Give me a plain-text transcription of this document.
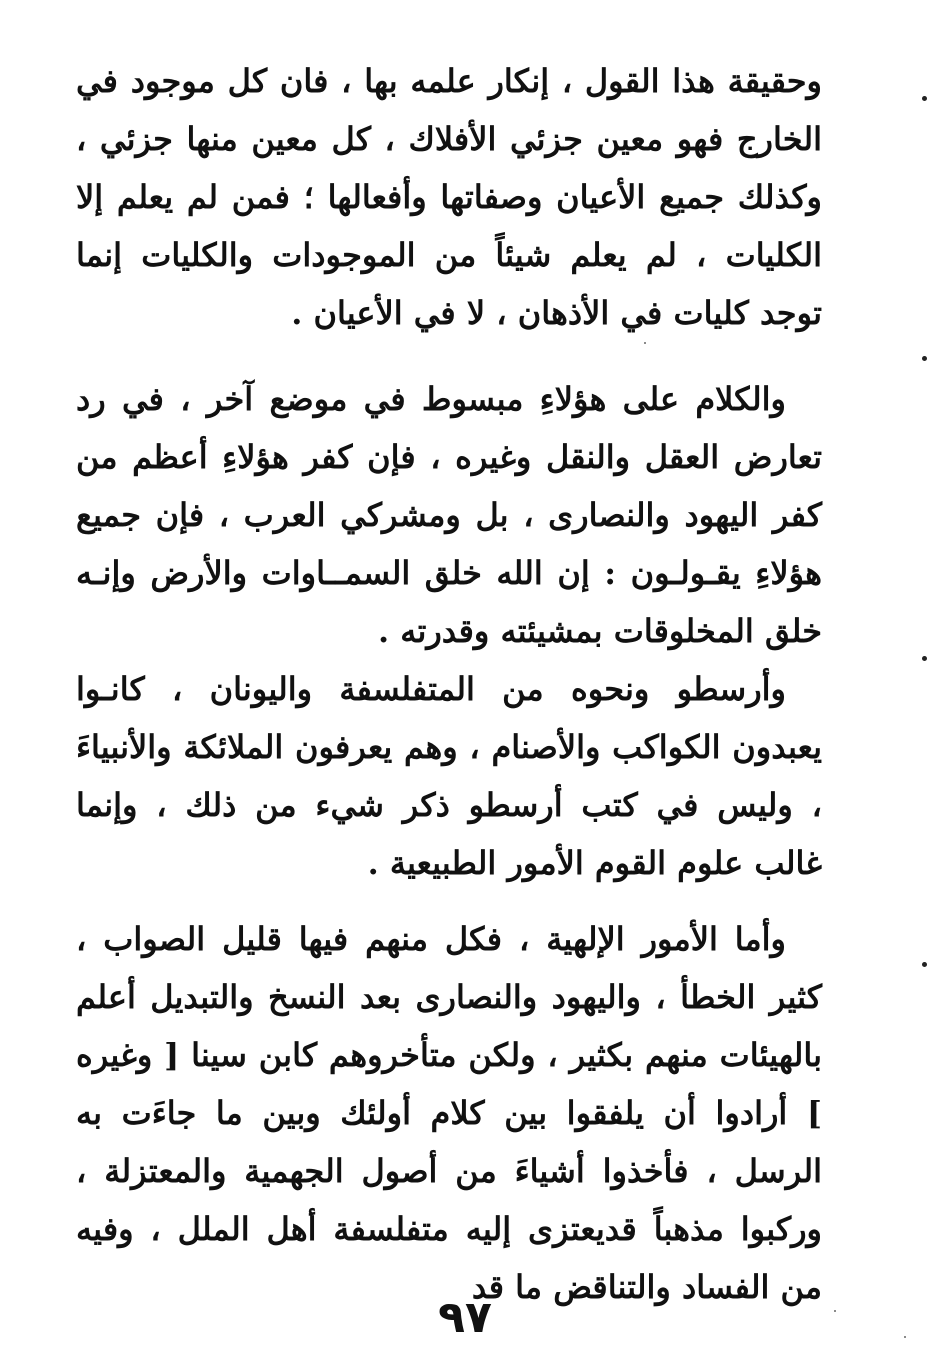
وحقيقة هذا القول ، إنكار علمه بها ، فان كل موجود في الخارج فهو معين جزئي الأفلاك ، كل معين منها جزئي ، وكذلك جميع الأعيان وصفاتها وأفعالها ؛ فمن لم يعلم إلا الكليات ، لم يعلم شيئاً من الموجودات والكليات إنما توجد كليات في الأذهان ، لا في الأعيان .

والكلام على هؤلاءِ مبسوط في موضع آخر ، في رد تعارض العقل والنقل وغيره ، فإن كفر هؤلاءِ أعظم من كفر اليهود والنصارى ، بل ومشركي العرب ، فإن جميع هؤلاءِ يقـولـون : إن الله خلق السمــاوات والأرض وإنـه خلق المخلوقات بمشيئته وقدرته .

وأرسطو ونحوه من المتفلسفة واليونان ، كانـوا يعبدون الكواكب والأصنام ، وهم يعرفون الملائكة والأنبياءَ ، وليس في كتب أرسطو ذكر شيء من ذلك ، وإنما غالب علوم القوم الأمور الطبيعية .

وأما الأمور الإلهية ، فكل منهم فيها قليل الصواب ، كثير الخطأ ، واليهود والنصارى بعد النسخ والتبديل أعلم بالهيئات منهم بكثير ، ولكن متأخروهم كابن سينا [ وغيره ] أرادوا أن يلفقوا بين كلام أولئك وبين ما جاءَت به الرسل ، فأخذوا أشياءَ من أصول الجهمية والمعتزلة ، وركبوا مذهباً قديعتزى إليه متفلسفة أهل الملل ، وفيه من الفساد والتناقض ما قد

٩٧
